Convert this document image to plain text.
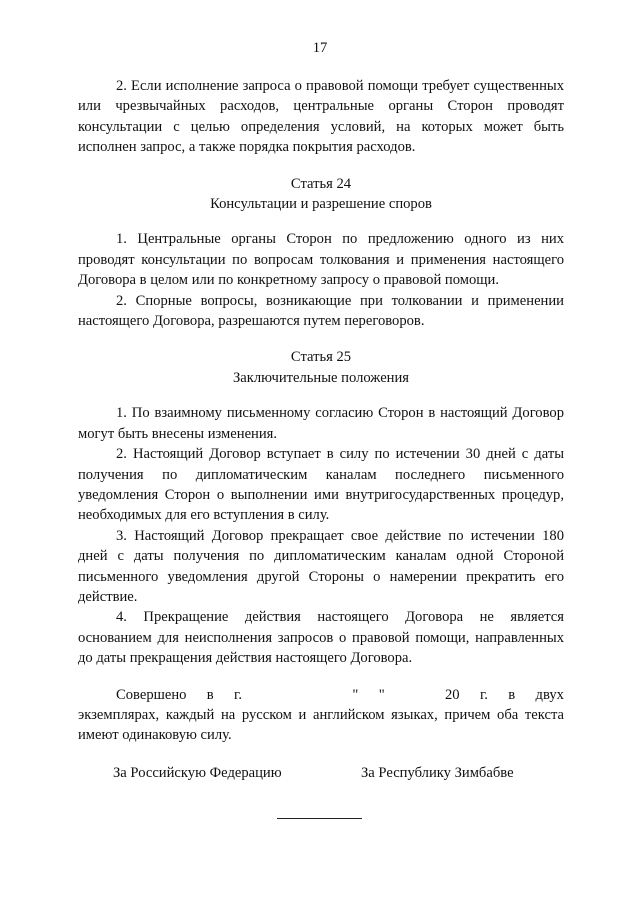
17

2. Если исполнение запроса о правовой помощи требует существенных или чрезвычайных расходов, центральные органы Сторон проводят консультации с целью определения условий, на которых может быть исполнен запрос, а также порядка покрытия расходов.

Статья 24

Консультации и разрешение споров

1. Центральные органы Сторон по предложению одного из них проводят консультации по вопросам толкования и применения настоящего Договора в целом или по конкретному запросу о правовой помощи.

2. Спорные вопросы, возникающие при толковании и применении настоящего Договора, разрешаются путем переговоров.

Статья 25

Заключительные положения

1. По взаимному письменному согласию Сторон в настоящий Договор могут быть внесены изменения.

2. Настоящий Договор вступает в силу по истечении 30 дней с даты получения по дипломатическим каналам последнего письменного уведомления Сторон о выполнении ими внутригосударственных процедур, необходимых для его вступления в силу.

3. Настоящий Договор прекращает свое действие по истечении 180 дней с даты получения по дипломатическим каналам одной Стороной письменного уведомления другой Стороны о намерении прекратить его действие.

4. Прекращение действия настоящего Договора не является основанием для неисполнения запросов о правовой помощи, направленных до даты прекращения действия настоящего Договора.

Совершено в г.	" "	20 г. в двух

экземплярах, каждый на русском и английском языках, причем оба текста имеют одинаковую силу.

За Российскую Федерацию	За Республику Зимбабве
